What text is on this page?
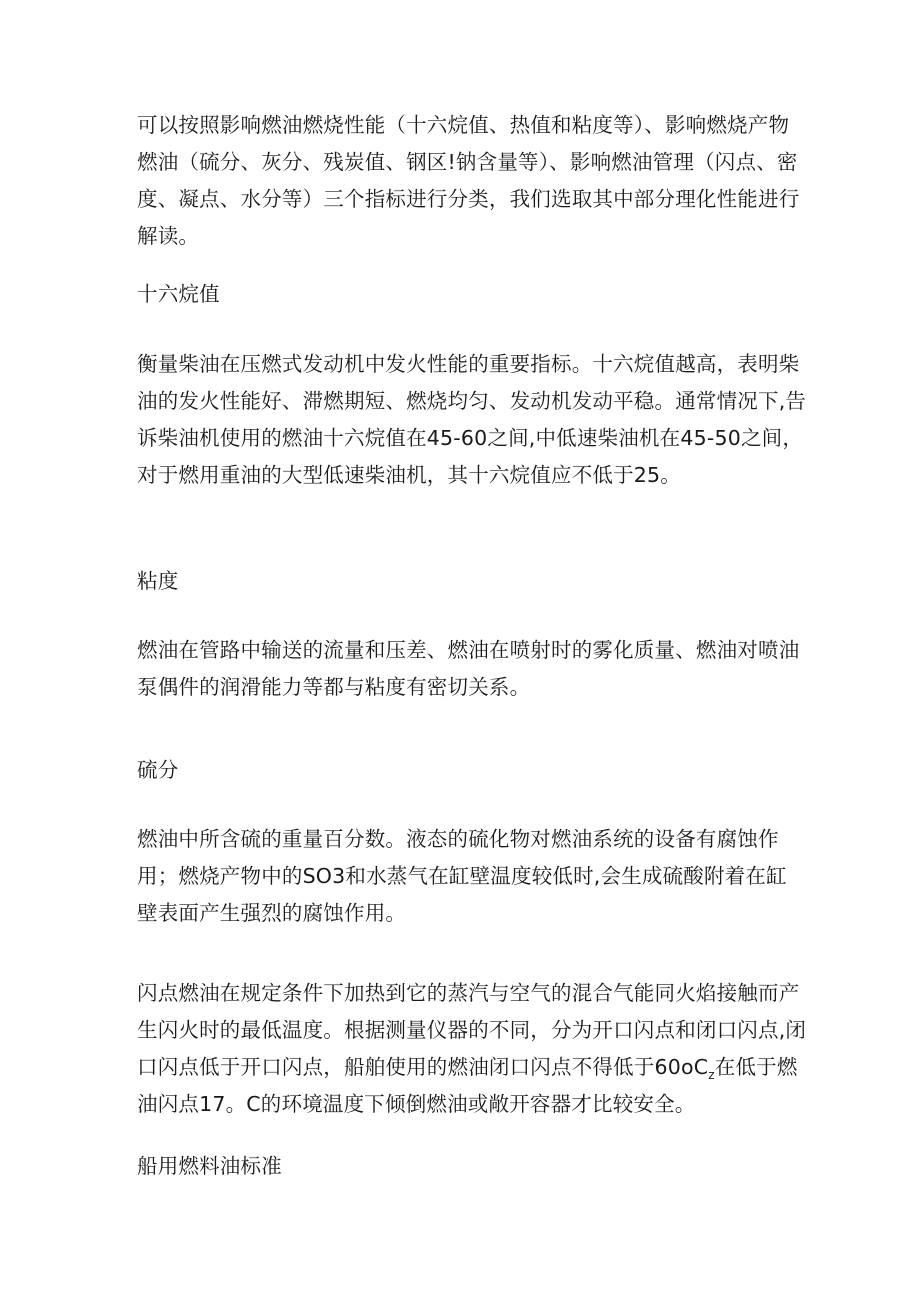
可以按照影响燃油燃烧性能（十六烷值、热值和粘度等）、影响燃烧产物燃油（硫分、灰分、残炭值、钢区!钠含量等）、影响燃油管理（闪点、密度、凝点、水分等）三个指标进行分类，我们选取其中部分理化性能进行解读。

十六烷值

衡量柴油在压燃式发动机中发火性能的重要指标。十六烷值越高，表明柴油的发火性能好、滞燃期短、燃烧均匀、发动机发动平稳。通常情况下,告诉柴油机使用的燃油十六烷值在45-60之间,中低速柴油机在45-50之间，对于燃用重油的大型低速柴油机，其十六烷值应不低于25。

粘度

燃油在管路中输送的流量和压差、燃油在喷射时的雾化质量、燃油对喷油泵偶件的润滑能力等都与粘度有密切关系。

硫分

燃油中所含硫的重量百分数。液态的硫化物对燃油系统的设备有腐蚀作用；燃烧产物中的SO3和水蒸气在缸壁温度较低时,会生成硫酸附着在缸壁表面产生强烈的腐蚀作用。

闪点燃油在规定条件下加热到它的蒸汽与空气的混合气能同火焰接触而产生闪火时的最低温度。根据测量仪器的不同，分为开口闪点和闭口闪点,闭口闪点低于开口闪点，船舶使用的燃油闭口闪点不得低于$60oC_z$在低于燃油闪点17。C的环境温度下倾倒燃油或敞开容器才比较安全。

船用燃料油标准
